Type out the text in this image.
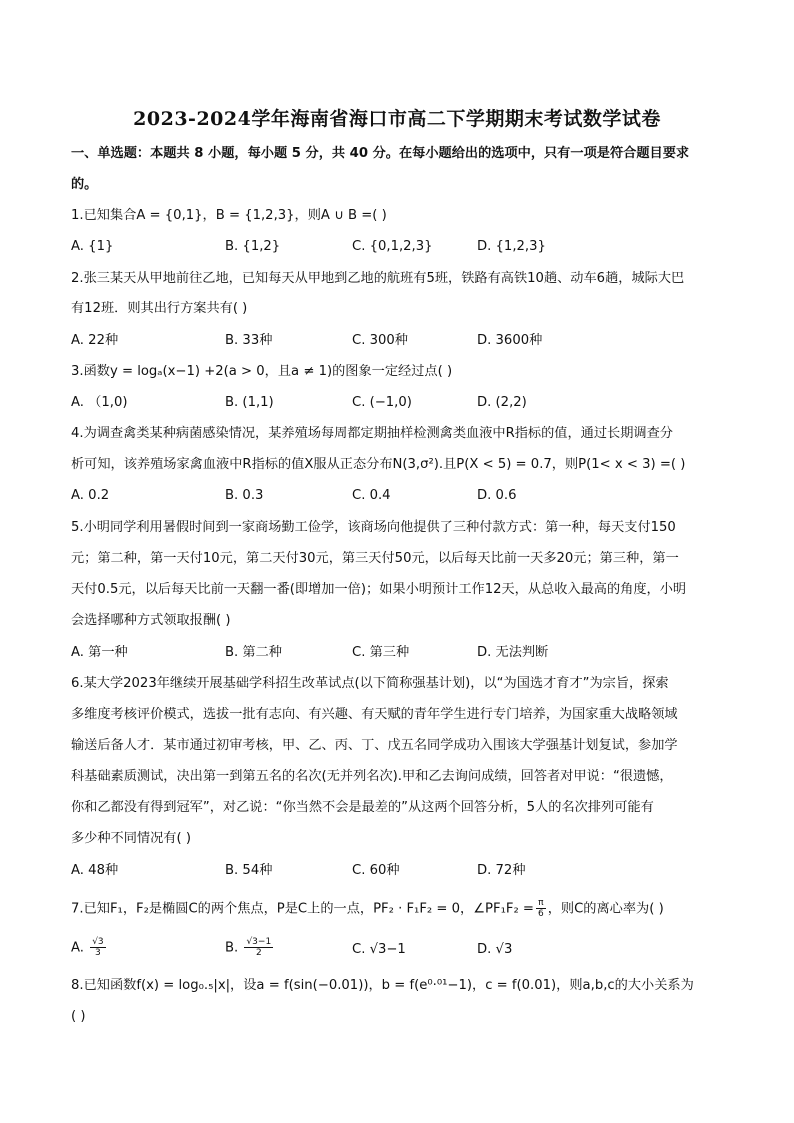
2023-2024学年海南省海口市高二下学期期末考试数学试卷
一、单选题：本题共 8 小题，每小题 5 分，共 40 分。在每小题给出的选项中，只有一项是符合题目要求
的。
1.已知集合A = {0,1}，B = {1,2,3}，则A ∪ B =( )
A. {1}	B. {1,2}	C. {0,1,2,3}	D. {1,2,3}
2.张三某天从甲地前往乙地，已知每天从甲地到乙地的航班有5班，铁路有高铁10趟、动车6趟，城际大巴
有12班．则其出行方案共有( )
A. 22种	B. 33种	C. 300种	D. 3600种
3.函数y = logₐ(x−1) +2(a > 0，且a ≠ 1)的图象一定经过点( )
A. （1,0)	B. (1,1)	C. (−1,0)	D. (2,2)
4.为调查禽类某种病菌感染情况，某养殖场每周都定期抽样检测禽类血液中R指标的值，通过长期调查分
析可知，该养殖场家禽血液中R指标的值X服从正态分布N(3,σ²).且P(X < 5) = 0.7，则P(1< x < 3) =( )
A. 0.2	B. 0.3	C. 0.4	D. 0.6
5.小明同学利用暑假时间到一家商场勤工俭学，该商场向他提供了三种付款方式：第一种，每天支付150
元；第二种，第一天付10元，第二天付30元，第三天付50元，以后每天比前一天多20元；第三种，第一
天付0.5元，以后每天比前一天翻一番(即增加一倍)；如果小明预计工作12天，从总收入最高的角度，小明
会选择哪种方式领取报酬( )
A. 第一种	B. 第二种	C. 第三种	D. 无法判断
6.某大学2023年继续开展基础学科招生改革试点(以下简称强基计划)，以“为国选才育才”为宗旨，探索
多维度考核评价模式，选拔一批有志向、有兴趣、有天赋的青年学生进行专门培养，为国家重大战略领域
输送后备人才．某市通过初审考核，甲、乙、丙、丁、戊五名同学成功入围该大学强基计划复试，参加学
科基础素质测试，决出第一到第五名的名次(无并列名次).甲和乙去询问成绩，回答者对甲说：“很遗憾，
你和乙都没有得到冠军”，对乙说：“你当然不会是最差的”从这两个回答分析，5人的名次排列可能有
多少种不同情况有( )
A. 48种	B. 54种	C. 60种	D. 72种
7.已知F₁，F₂是椭圆C的两个焦点，P是C上的一点，PF₂ · F₁F₂ = 0，∠PF₁F₂ = $\frac{\pi}{6}$ ，则C的离心率为( )
A. $\frac{√3}{3}$	B. $\frac{√3-1}{2}$	C. √3−1	D. √3
8.已知函数f(x) = log₀.₅|x|，设a = f(sin(−0.01))，b = f(e⁰·⁰¹−1)，c = f(0.01)，则a,b,c的大小关系为
( )
